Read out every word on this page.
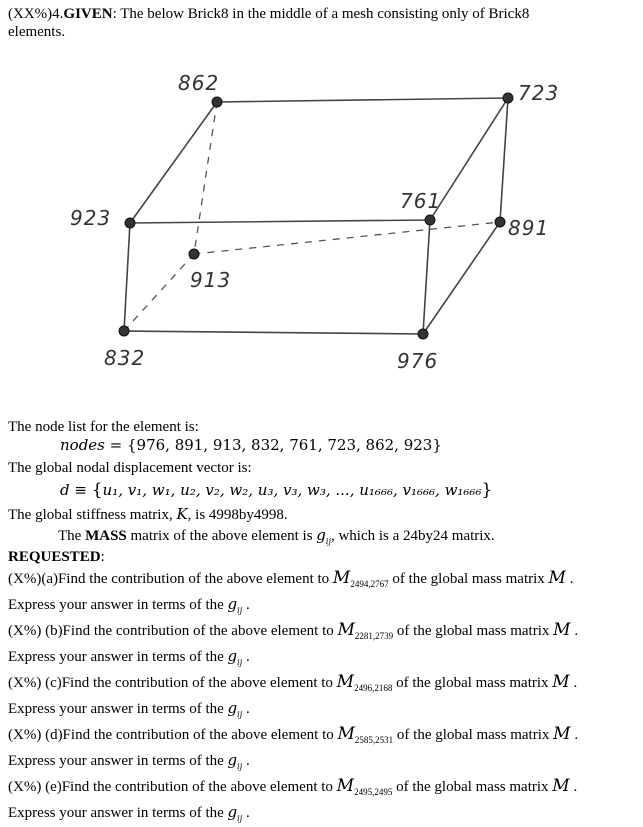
(XX%)4.GIVEN: The below Brick8 in the middle of a mesh consisting only of Brick8
elements.
862	723
923
761
891
913
832	976
The node list for the element is:
nodes = {976, 891, 913, 832, 761, 723, 862, 923}
The global nodal displacement vector is:
d ≡ {u₁, v₁, w₁, u₂, v₂, w₂, u₃, v₃, w₃, ..., u₁₆₆₆, v₁₆₆₆, w₁₆₆₆}
The global stiffness matrix, K, is 4998by4998.
The MASS matrix of the above element is $g_{ij}$, which is a 24by24 matrix.
REQUESTED:
(X%)(a)Find the contribution of the above element to $M_{2494,2767}$ of the global mass matrix M .
Express your answer in terms of the $g_{ij}$ .
(X%) (b)Find the contribution of the above element to $M_{2281,2739}$ of the global mass matrix M .
Express your answer in terms of the $g_{ij}$ .
(X%) (c)Find the contribution of the above element to $M_{2496,2168}$ of the global mass matrix M .
Express your answer in terms of the $g_{ij}$ .
(X%) (d)Find the contribution of the above element to $M_{2585,2531}$ of the global mass matrix M .
Express your answer in terms of the $g_{ij}$ .
(X%) (e)Find the contribution of the above element to $M_{2495,2495}$ of the global mass matrix M .
Express your answer in terms of the $g_{ij}$ .
